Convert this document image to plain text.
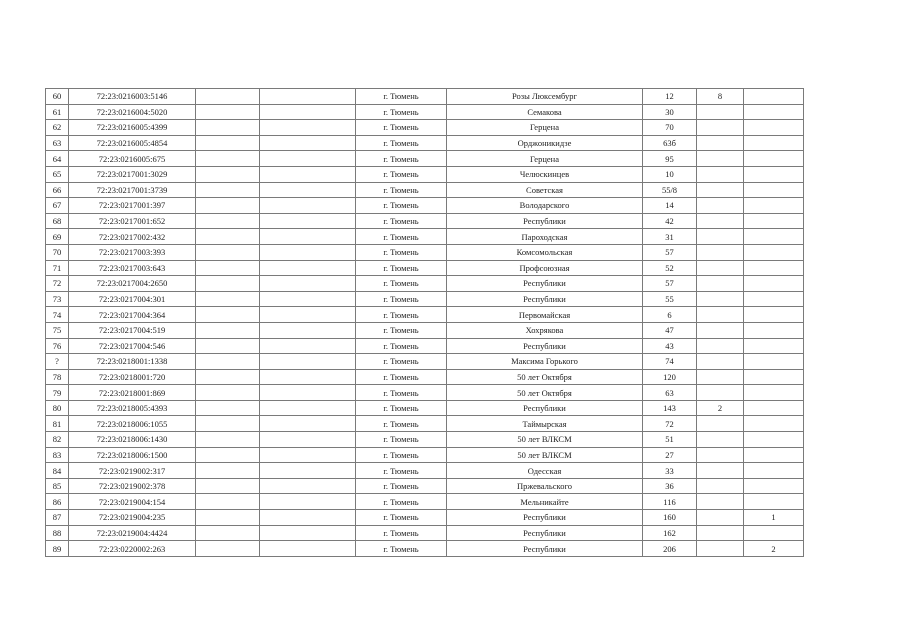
60	72:23:0216003:5146			г. Тюмень	Розы Люксембург	12	8	
61	72:23:0216004:5020			г. Тюмень	Семакова	30		
62	72:23:0216005:4399			г. Тюмень	Герцена	70		
63	72:23:0216005:4854			г. Тюмень	Орджоникидзе	63б		
64	72:23:0216005:675			г. Тюмень	Герцена	95		
65	72:23:0217001:3029			г. Тюмень	Челюскинцев	10		
66	72:23:0217001:3739			г. Тюмень	Советская	55/8		
67	72:23:0217001:397			г. Тюмень	Володарского	14		
68	72:23:0217001:652			г. Тюмень	Республики	42		
69	72:23:0217002:432			г. Тюмень	Пароходская	31		
70	72:23:0217003:393			г. Тюмень	Комсомольская	57		
71	72:23:0217003:643			г. Тюмень	Профсоюзная	52		
72	72:23:0217004:2650			г. Тюмень	Республики	57		
73	72:23:0217004:301			г. Тюмень	Республики	55		
74	72:23:0217004:364			г. Тюмень	Первомайская	6		
75	72:23:0217004:519			г. Тюмень	Хохрякова	47		
76	72:23:0217004:546			г. Тюмень	Республики	43		
?	72:23:0218001:1338			г. Тюмень	Максима Горького	74		
78	72:23:0218001:720			г. Тюмень	50 лет Октября	120		
79	72:23:0218001:869			г. Тюмень	50 лет Октября	63		
80	72:23:0218005:4393			г. Тюмень	Республики	143	2	
81	72:23:0218006:1055			г. Тюмень	Таймырская	72		
82	72:23:0218006:1430			г. Тюмень	50 лет ВЛКСМ	51		
83	72:23:0218006:1500			г. Тюмень	50 лет ВЛКСМ	27		
84	72:23:0219002:317			г. Тюмень	Одесская	33		
85	72:23:0219002:378			г. Тюмень	Пржевальского	36		
86	72:23:0219004:154			г. Тюмень	Мельникайте	116		
87	72:23:0219004:235			г. Тюмень	Республики	160		1
88	72:23:0219004:4424			г. Тюмень	Республики	162		
89	72:23:0220002:263			г. Тюмень	Республики	206		2
